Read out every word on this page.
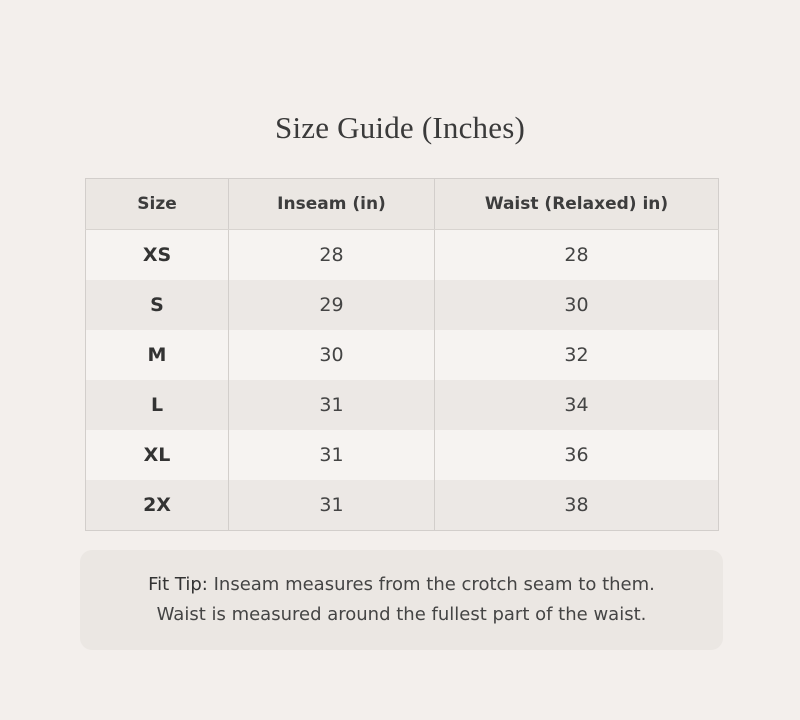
Size Guide (Inches)
Size	Inseam (in)	Waist (Relaxed) in)
XS	28	28
S	29	30
M	30	32
L	31	34
XL	31	36
2X	31	38
Fit Tip: Inseam measures from the crotch seam to them.
Waist is measured around the fullest part of the waist.
